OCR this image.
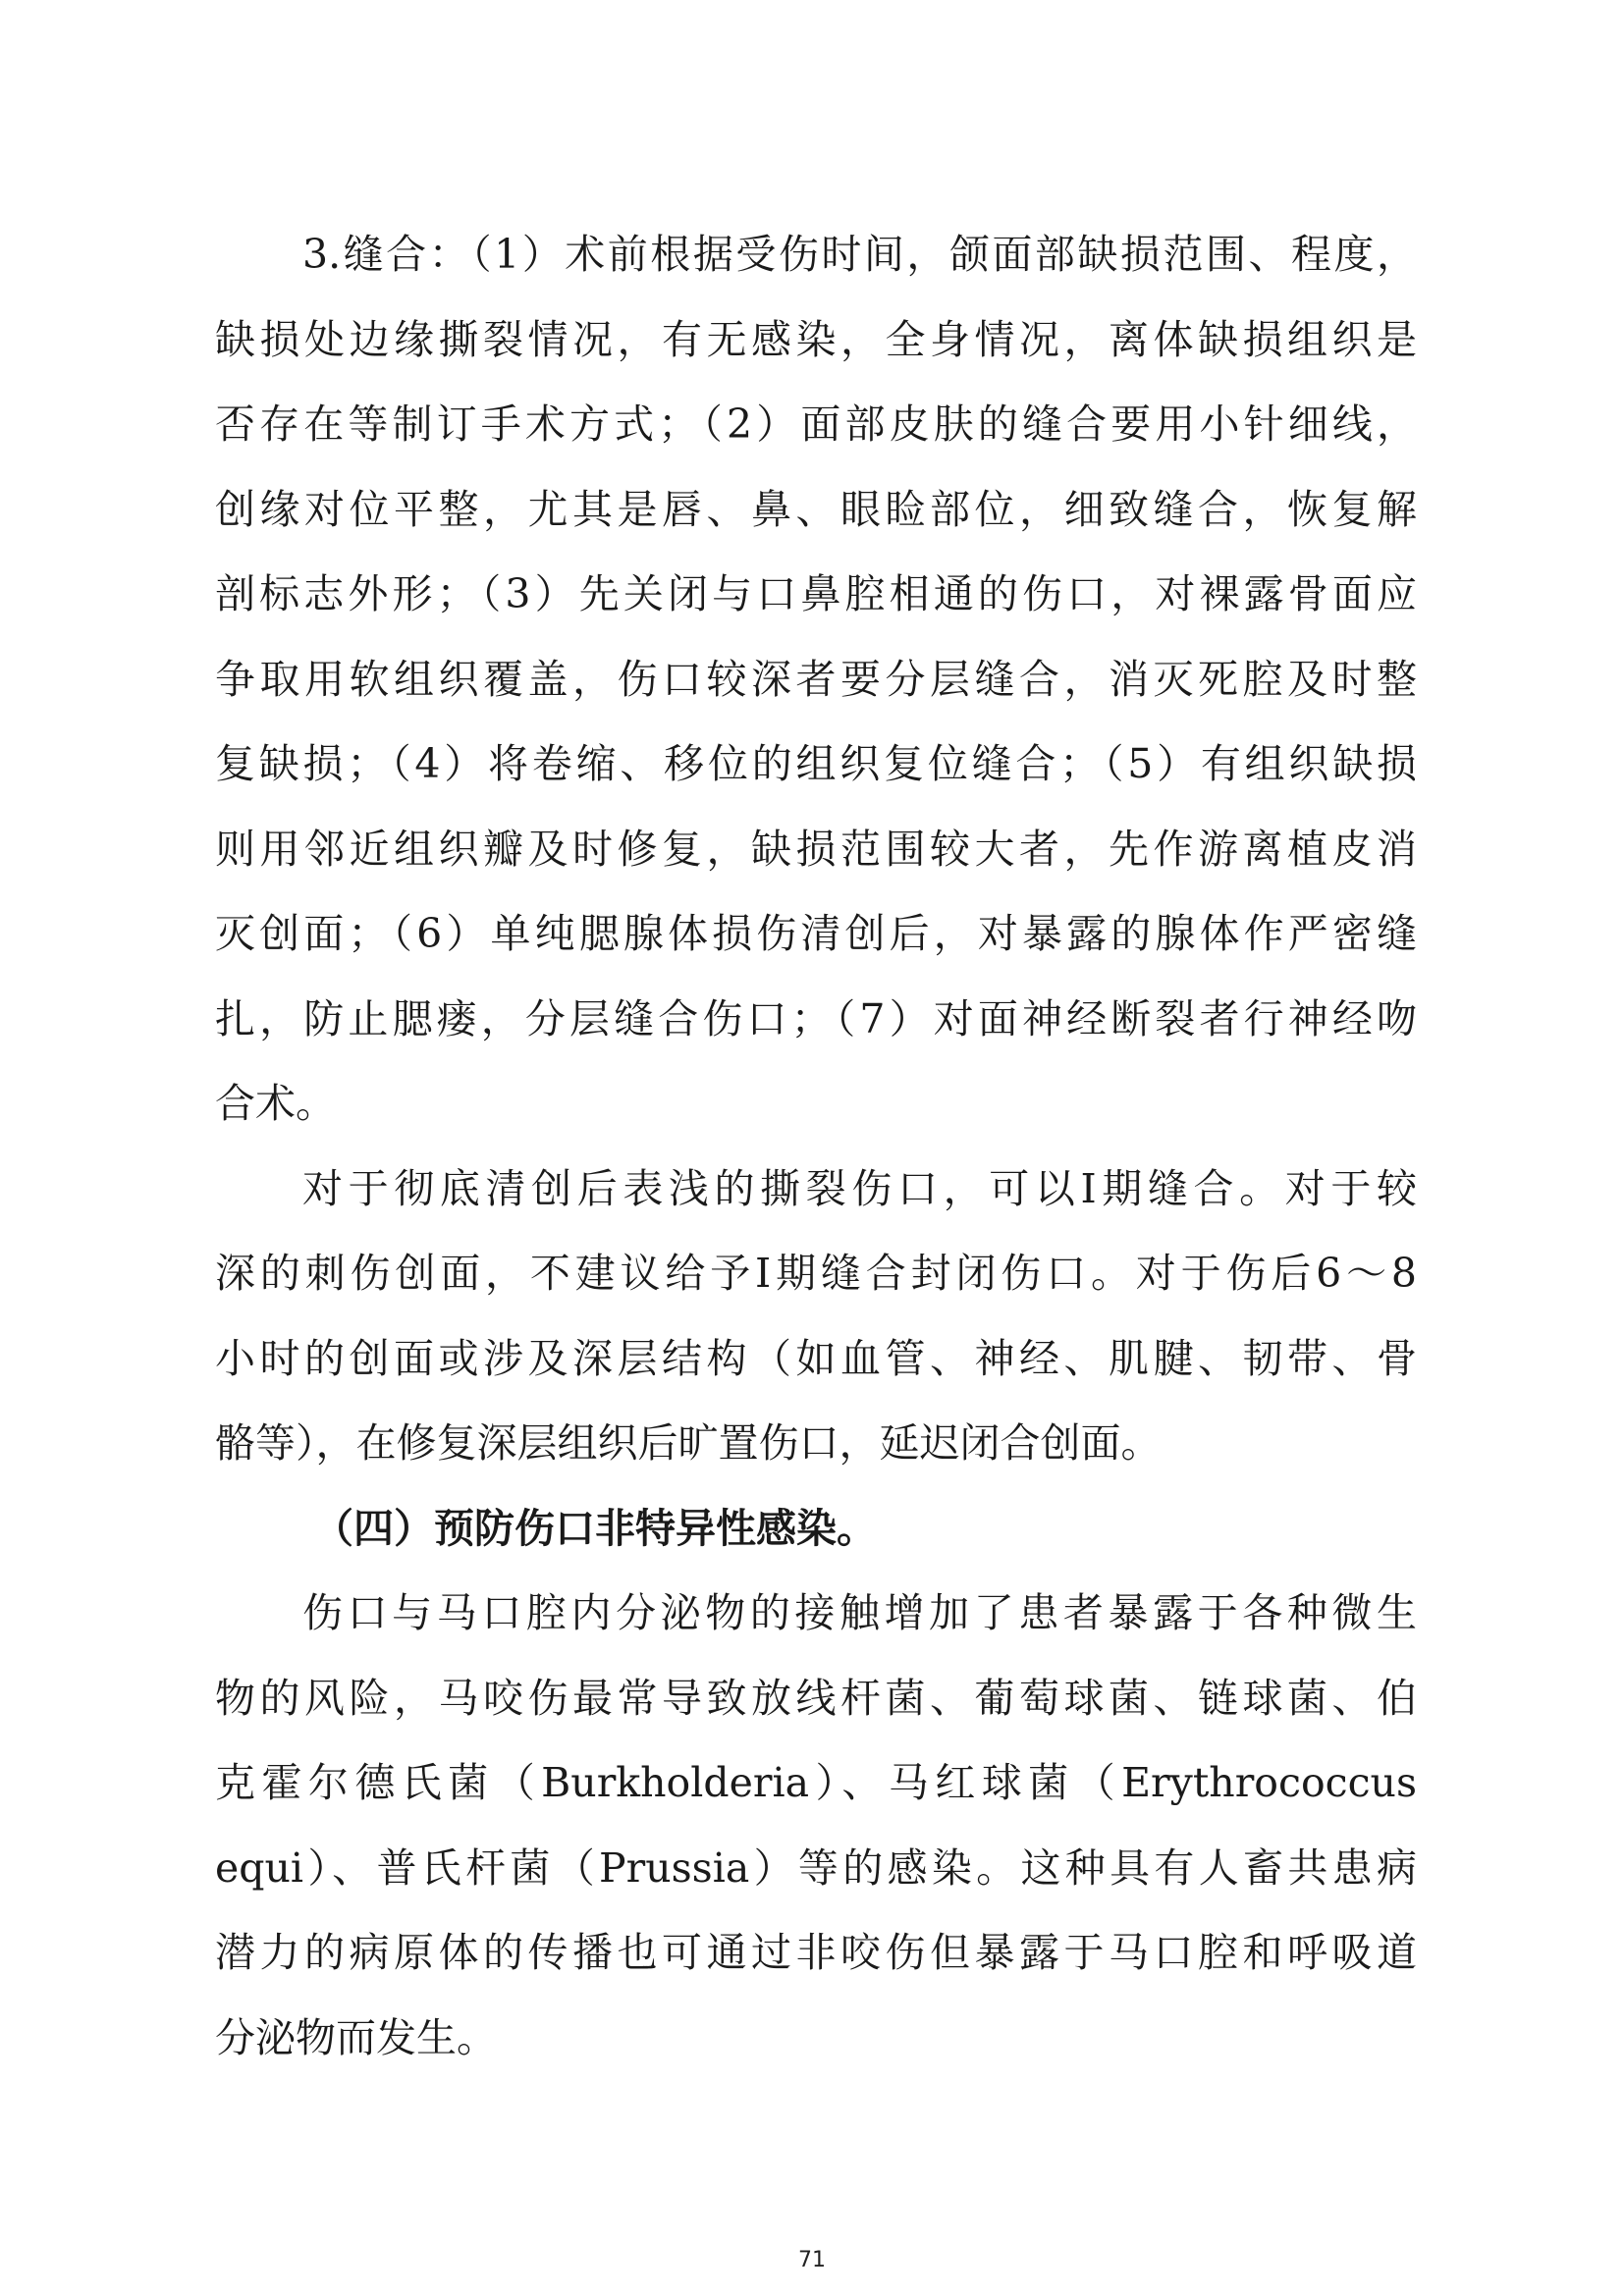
3.缝合：（1）术前根据受伤时间，颌面部缺损范围、程度，
缺损处边缘撕裂情况，有无感染，全身情况，离体缺损组织是
否存在等制订手术方式；（2）面部皮肤的缝合要用小针细线，
创缘对位平整，尤其是唇、鼻、眼睑部位，细致缝合，恢复解
剖标志外形；（3）先关闭与口鼻腔相通的伤口，对裸露骨面应
争取用软组织覆盖，伤口较深者要分层缝合，消灭死腔及时整
复缺损；（4）将卷缩、移位的组织复位缝合；（5）有组织缺损
则用邻近组织瓣及时修复，缺损范围较大者，先作游离植皮消
灭创面；（6）单纯腮腺体损伤清创后，对暴露的腺体作严密缝
扎，防止腮瘘，分层缝合伤口；（7）对面神经断裂者行神经吻
合术。
对于彻底清创后表浅的撕裂伤口，可以Ⅰ期缝合。对于较
深的刺伤创面，不建议给予Ⅰ期缝合封闭伤口。对于伤后6～8
小时的创面或涉及深层结构（如血管、神经、肌腱、韧带、骨
骼等），在修复深层组织后旷置伤口，延迟闭合创面。
（四）预防伤口非特异性感染。
伤口与马口腔内分泌物的接触增加了患者暴露于各种微生
物的风险，马咬伤最常导致放线杆菌、葡萄球菌、链球菌、伯
克霍尔德氏菌（Burkholderia）、马红球菌（Erythrococcus
equi）、普氏杆菌（Prussia）等的感染。这种具有人畜共患病
潜力的病原体的传播也可通过非咬伤但暴露于马口腔和呼吸道
分泌物而发生。
71
